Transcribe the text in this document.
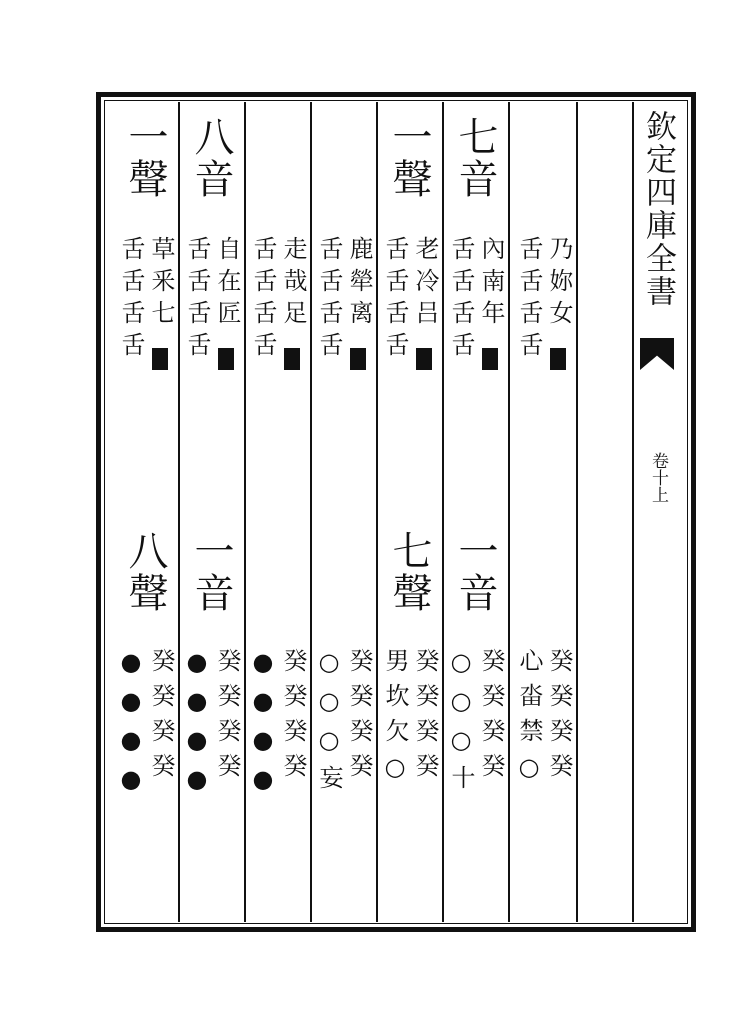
欽定四庫全書
卷十上
乃妳女
舌舌舌舌
癸癸癸癸
心畓禁○
七音
內南年
舌舌舌舌
一音
癸癸癸癸
○○○十
一聲
老冷吕
舌舌舌舌
七聲
癸癸癸癸
男坎欠○
鹿犖离
舌舌舌舌
癸癸癸癸
○○○妄
走哉足
舌舌舌舌
癸癸癸癸
●●●●
八音
自在匠
舌舌舌舌
一音
癸癸癸癸
●●●●
一聲
草釆七
舌舌舌舌
八聲
癸癸癸癸
●●●●
